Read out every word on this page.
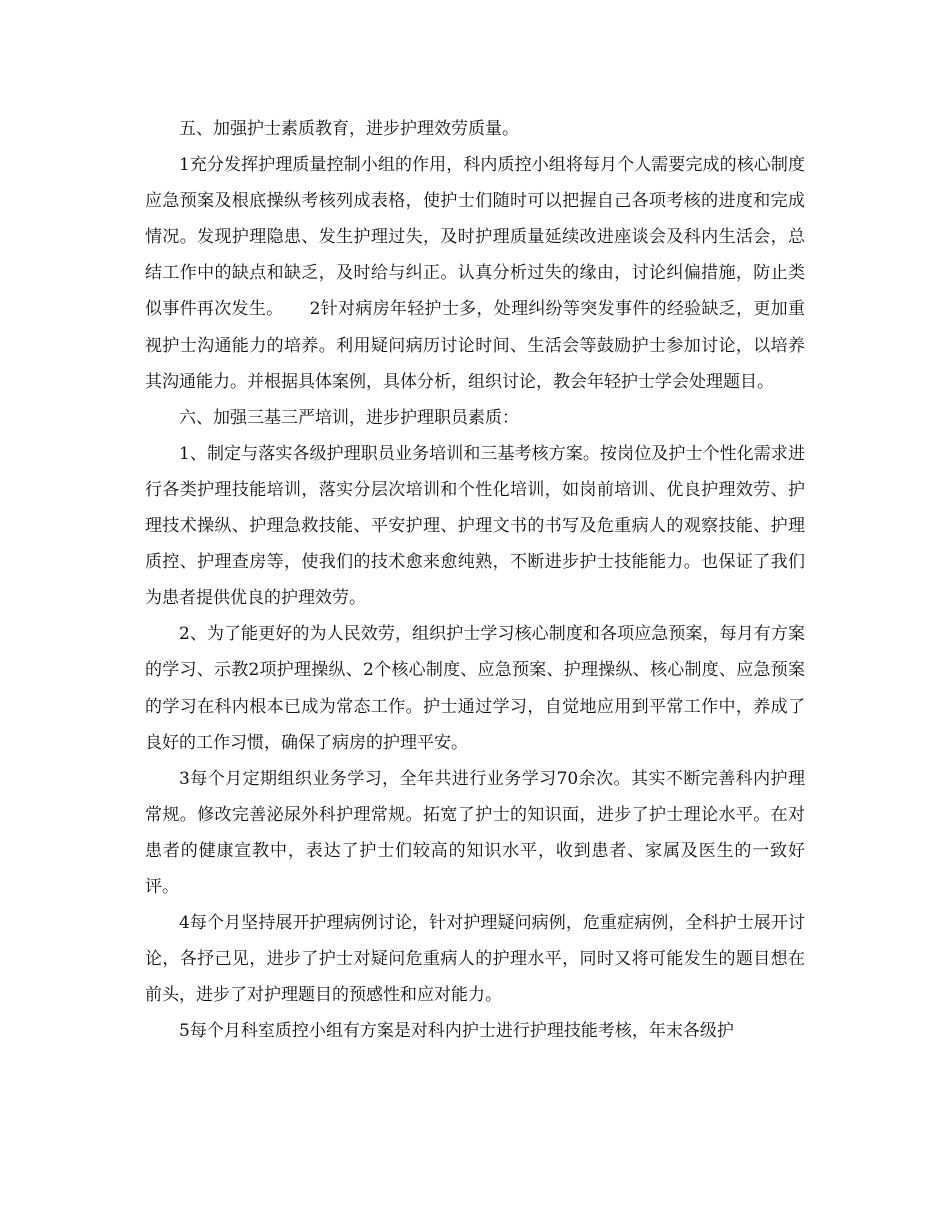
五、加强护士素质教育，进步护理效劳质量。

1充分发挥护理质量控制小组的作用，科内质控小组将每月个人需要完成的核心制度应急预案及根底操纵考核列成表格，使护士们随时可以把握自己各项考核的进度和完成情况。发现护理隐患、发生护理过失，及时护理质量延续改进座谈会及科内生活会，总结工作中的缺点和缺乏，及时给与纠正。认真分析过失的缘由，讨论纠偏措施，防止类似事件再次发生。　　2针对病房年轻护士多，处理纠纷等突发事件的经验缺乏，更加重视护士沟通能力的培养。利用疑问病历讨论时间、生活会等鼓励护士参加讨论，以培养其沟通能力。并根据具体案例，具体分析，组织讨论，教会年轻护士学会处理题目。

六、加强三基三严培训，进步护理职员素质：

1、制定与落实各级护理职员业务培训和三基考核方案。按岗位及护士个性化需求进行各类护理技能培训，落实分层次培训和个性化培训，如岗前培训、优良护理效劳、护理技术操纵、护理急救技能、平安护理、护理文书的书写及危重病人的观察技能、护理质控、护理查房等，使我们的技术愈来愈纯熟，不断进步护士技能能力。也保证了我们为患者提供优良的护理效劳。

2、为了能更好的为人民效劳，组织护士学习核心制度和各项应急预案，每月有方案的学习、示教2项护理操纵、2个核心制度、应急预案、护理操纵、核心制度、应急预案的学习在科内根本已成为常态工作。护士通过学习，自觉地应用到平常工作中，养成了良好的工作习惯，确保了病房的护理平安。

3每个月定期组织业务学习，全年共进行业务学习70余次。其实不断完善科内护理常规。修改完善泌尿外科护理常规。拓宽了护士的知识面，进步了护士理论水平。在对患者的健康宣教中，表达了护士们较高的知识水平，收到患者、家属及医生的一致好评。

4每个月坚持展开护理病例讨论，针对护理疑问病例，危重症病例，全科护士展开讨论，各抒己见，进步了护士对疑问危重病人的护理水平，同时又将可能发生的题目想在前头，进步了对护理题目的预感性和应对能力。

5每个月科室质控小组有方案是对科内护士进行护理技能考核，年末各级护
